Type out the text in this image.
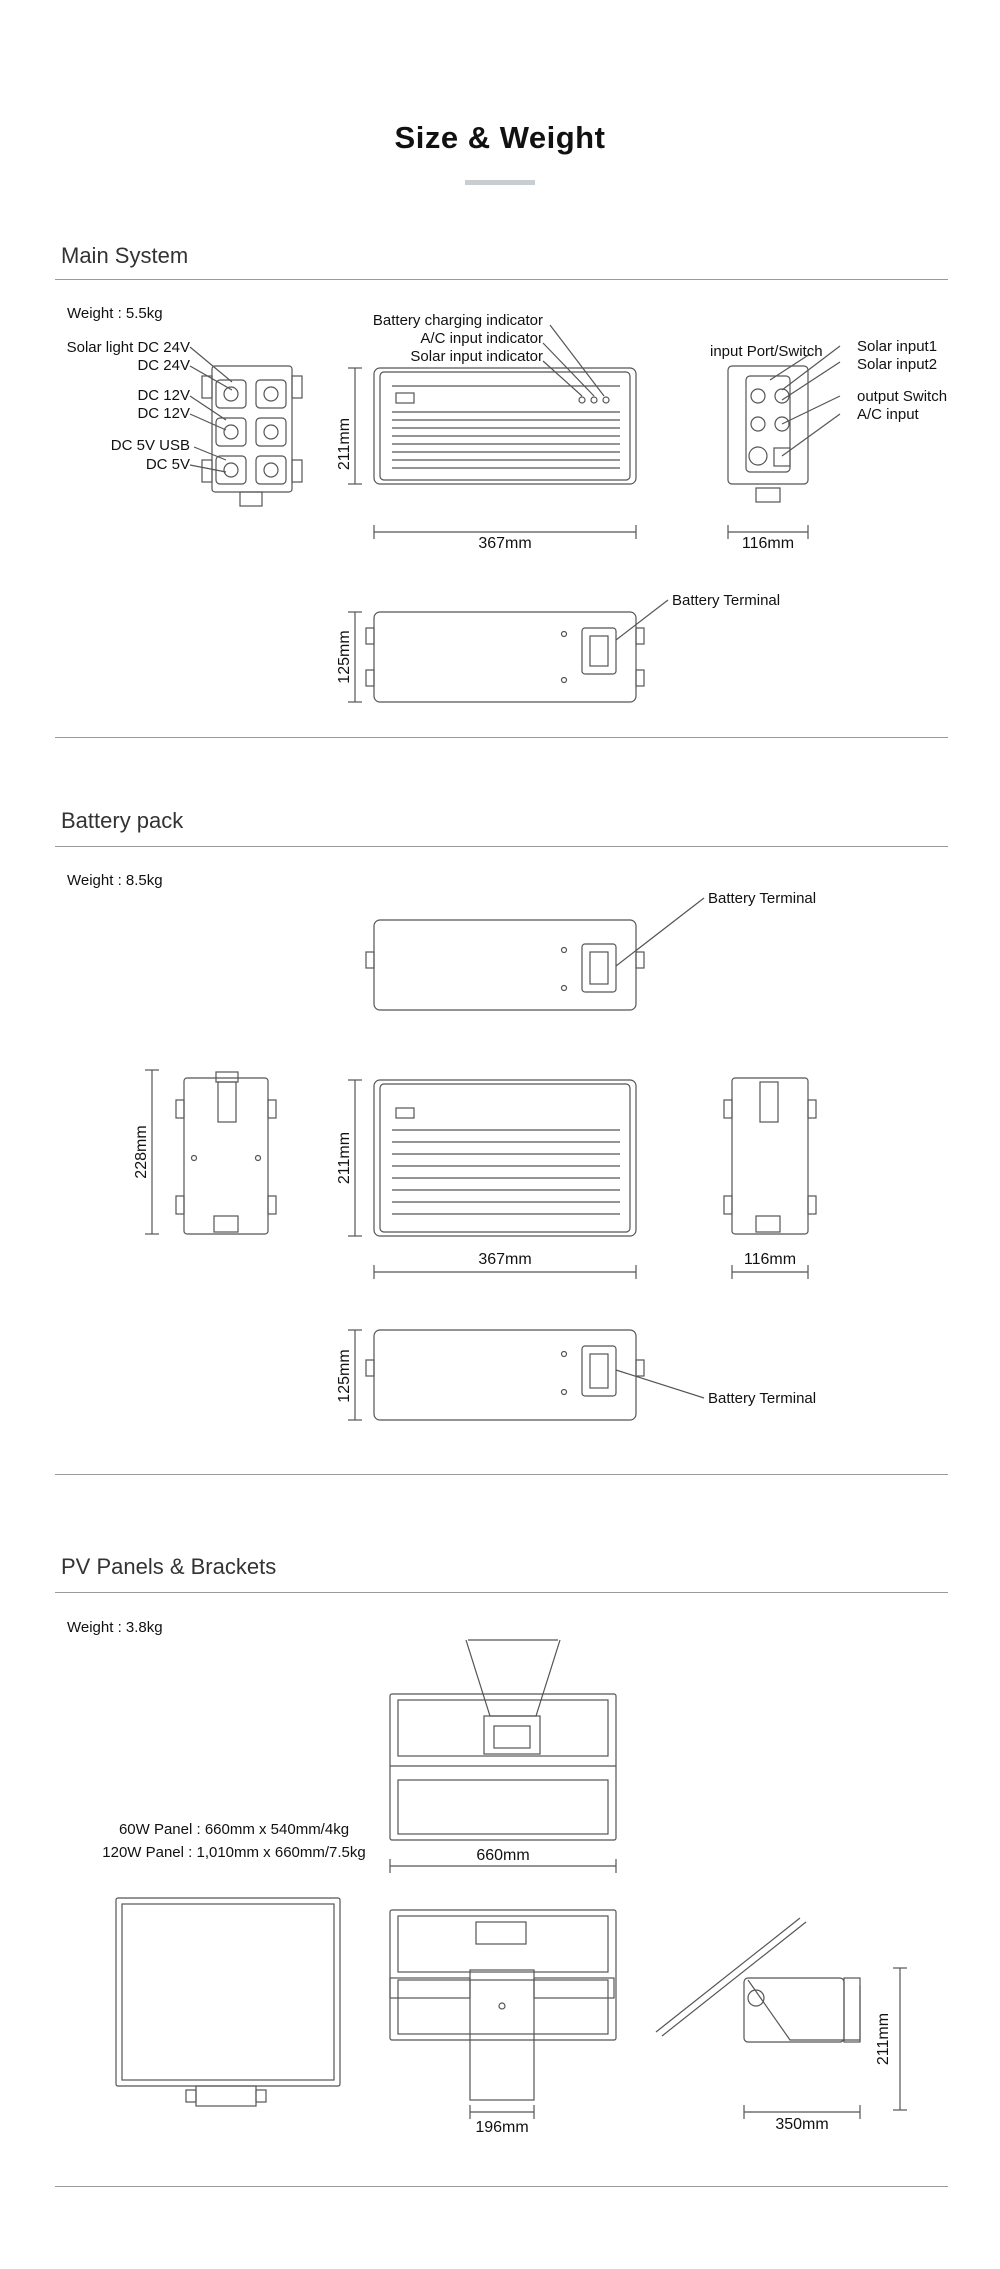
Size & Weight
Main System
Weight : 5.5kg
Battery pack
Weight : 8.5kg
PV Panels & Brackets
Weight : 3.8kg
60W Panel : 660mm x 540mm/4kg
120W Panel : 1,010mm x 660mm/7.5kg
Solar light DC 24V
DC 24V
DC 12V
DC 12V
DC 5V USB
DC 5V
Battery charging indicator
A/C input indicator
Solar input indicator
211mm
367mm
input Port/Switch Solar input1
Solar input2
output Switch
A/C input
116mm
Battery Terminal
125mm
Battery Terminal
228mm	211mm
367mm	116mm
Battery Terminal
125mm
660mm
196mm
211mm
350mm
